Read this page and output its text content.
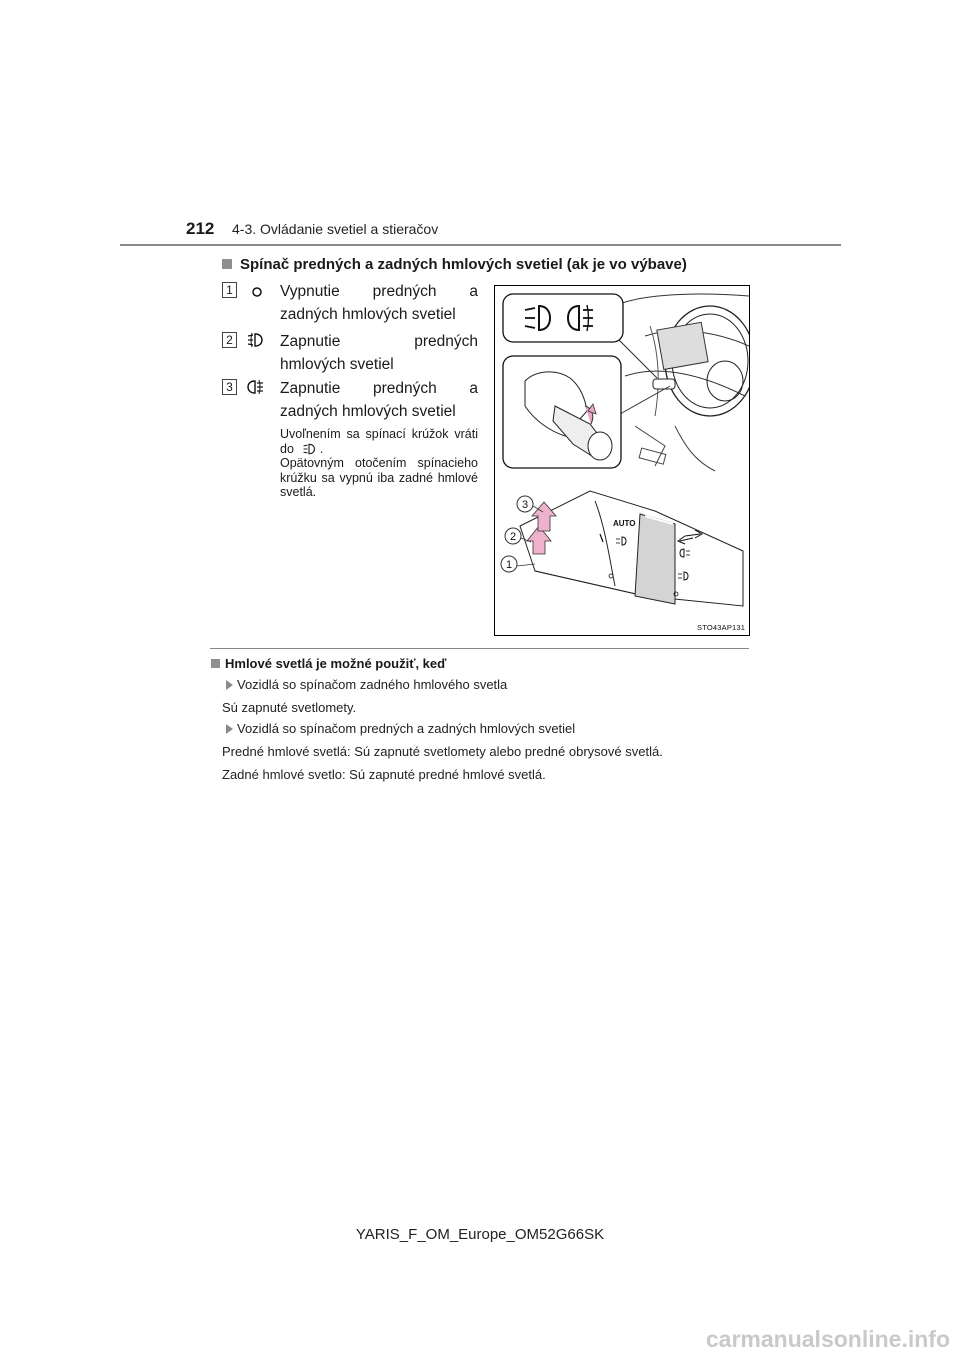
212 4-3. Ovládanie svetiel a stieračov
Spínač predných a zadných hmlových svetiel (ak je vo výbave)
1	Vypnutie predných a zadných hmlových svetiel
2	Zapnutie predných hmlových svetiel
3	Zapnutie predných a zadných hmlových svetiel
Uvoľnením sa spínací krúžok vráti do .
Opätovným otočením spínacieho krúžku sa vypnú iba zadné hmlové svetlá.
AUTO
3
2
1
STO43AP131
Hmlové svetlá je možné použiť, keď
Vozidlá so spínačom zadného hmlového svetla
Sú zapnuté svetlomety.
Vozidlá so spínačom predných a zadných hmlových svetiel
Predné hmlové svetlá: Sú zapnuté svetlomety alebo predné obrysové svetlá.
Zadné hmlové svetlo: Sú zapnuté predné hmlové svetlá.
YARIS_F_OM_Europe_OM52G66SK
carmanualsonline.info
